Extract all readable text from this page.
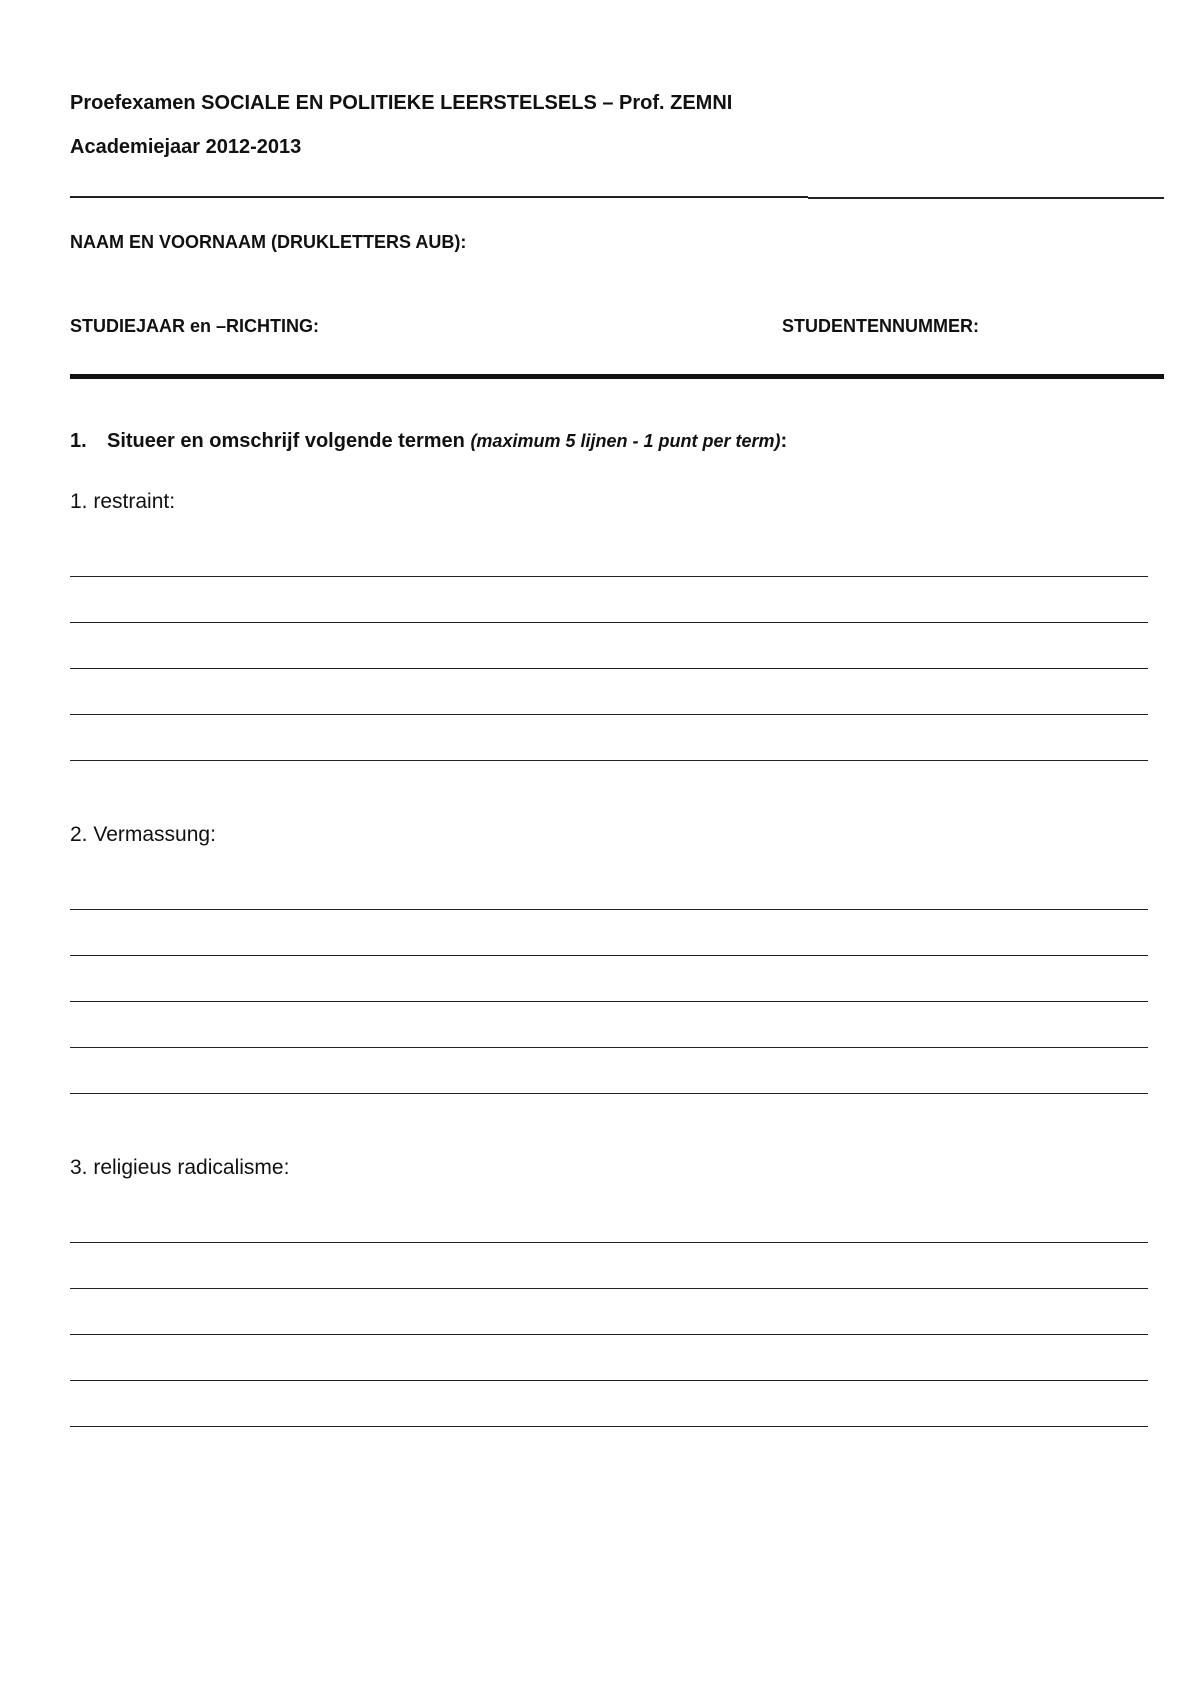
Proefexamen SOCIALE EN POLITIEKE LEERSTELSELS – Prof. ZEMNI
Academiejaar 2012-2013
NAAM EN VOORNAAM (DRUKLETTERS AUB):
STUDIEJAAR en –RICHTING:	STUDENTENNUMMER:
1. Situeer en omschrijf volgende termen (maximum 5 lijnen - 1 punt per term):
1. restraint:
2. Vermassung:
3. religieus radicalisme:
